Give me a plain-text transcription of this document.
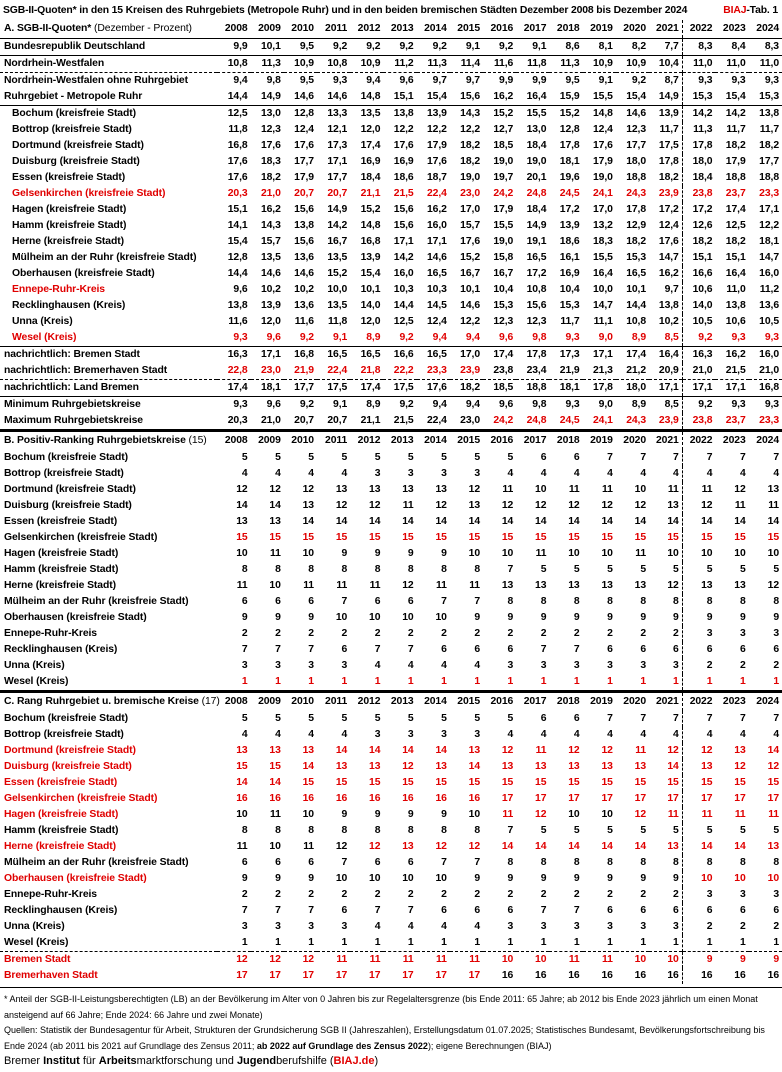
SGB-II-Quoten* in den 15 Kreisen des Ruhrgebiets (Metropole Ruhr) und in den beiden bremischen Städten Dezember 2008 bis Dezember 2024	BIAJ-Tab. 1
A. SGB-II-Quoten* (Dezember - Prozent)	2008	2009	2010	2011	2012	2013	2014	2015	2016	2017	2018	2019	2020	2021	2022	2023	2024
Bundesrepublik Deutschland	9,9	10,1	9,5	9,2	9,2	9,2	9,2	9,1	9,2	9,1	8,6	8,1	8,2	7,7	8,3	8,4	8,3
Nordrhein-Westfalen	10,8	11,3	10,9	10,8	10,9	11,2	11,3	11,4	11,6	11,8	11,3	10,9	10,9	10,4	11,0	11,0	11,0
Nordrhein-Westfalen ohne Ruhrgebiet	9,4	9,8	9,5	9,3	9,4	9,6	9,7	9,7	9,9	9,9	9,5	9,1	9,2	8,7	9,3	9,3	9,3
Ruhrgebiet - Metropole Ruhr	14,4	14,9	14,6	14,6	14,8	15,1	15,4	15,6	16,2	16,4	15,9	15,5	15,4	14,9	15,3	15,4	15,3
Bochum (kreisfreie Stadt)	12,5	13,0	12,8	13,3	13,5	13,8	13,9	14,3	15,2	15,5	15,2	14,8	14,6	13,9	14,2	14,2	13,8
Bottrop (kreisfreie Stadt)	11,8	12,3	12,4	12,1	12,0	12,2	12,2	12,2	12,7	13,0	12,8	12,4	12,3	11,7	11,3	11,7	11,7
Dortmund (kreisfreie Stadt)	16,8	17,6	17,6	17,3	17,4	17,6	17,9	18,2	18,5	18,4	17,8	17,6	17,7	17,5	17,8	18,2	18,2
Duisburg (kreisfreie Stadt)	17,6	18,3	17,7	17,1	16,9	16,9	17,6	18,2	19,0	19,0	18,1	17,9	18,0	17,8	18,0	17,9	17,7
Essen (kreisfreie Stadt)	17,6	18,2	17,9	17,7	18,4	18,6	18,7	19,0	19,7	20,1	19,6	19,0	18,8	18,2	18,4	18,8	18,8
Gelsenkirchen (kreisfreie Stadt)	20,3	21,0	20,7	20,7	21,1	21,5	22,4	23,0	24,2	24,8	24,5	24,1	24,3	23,9	23,8	23,7	23,3
Hagen (kreisfreie Stadt)	15,1	16,2	15,6	14,9	15,2	15,6	16,2	17,0	17,9	18,4	17,2	17,0	17,8	17,2	17,2	17,4	17,1
Hamm (kreisfreie Stadt)	14,1	14,3	13,8	14,2	14,8	15,6	16,0	15,7	15,5	14,9	13,9	13,2	12,9	12,4	12,6	12,5	12,2
Herne (kreisfreie Stadt)	15,4	15,7	15,6	16,7	16,8	17,1	17,1	17,6	19,0	19,1	18,6	18,3	18,2	17,6	18,2	18,2	18,1
Mülheim an der Ruhr (kreisfreie Stadt)	12,8	13,5	13,6	13,5	13,9	14,2	14,6	15,2	15,8	16,5	16,1	15,5	15,3	14,7	15,1	15,1	14,7
Oberhausen (kreisfreie Stadt)	14,4	14,6	14,6	15,2	15,4	16,0	16,5	16,7	16,7	17,2	16,9	16,4	16,5	16,2	16,6	16,4	16,0
Ennepe-Ruhr-Kreis	9,6	10,2	10,2	10,0	10,1	10,3	10,3	10,1	10,4	10,8	10,4	10,0	10,1	9,7	10,6	11,0	11,2
Recklinghausen (Kreis)	13,8	13,9	13,6	13,5	14,0	14,4	14,5	14,6	15,3	15,6	15,3	14,7	14,4	13,8	14,0	13,8	13,6
Unna (Kreis)	11,6	12,0	11,6	11,8	12,0	12,5	12,4	12,2	12,3	12,3	11,7	11,1	10,8	10,2	10,5	10,6	10,5
Wesel (Kreis)	9,3	9,6	9,2	9,1	8,9	9,2	9,4	9,4	9,6	9,8	9,3	9,0	8,9	8,5	9,2	9,3	9,3
nachrichtlich: Bremen Stadt	16,3	17,1	16,8	16,5	16,5	16,6	16,5	17,0	17,4	17,8	17,3	17,1	17,4	16,4	16,3	16,2	16,0
nachrichtlich: Bremerhaven Stadt	22,8	23,0	21,9	22,4	21,8	22,2	23,3	23,9	23,8	23,4	21,9	21,3	21,2	20,9	21,0	21,5	21,0
nachrichtlich: Land Bremen	17,4	18,1	17,7	17,5	17,4	17,5	17,6	18,2	18,5	18,8	18,1	17,8	18,0	17,1	17,1	17,1	16,8
Minimum Ruhrgebietskreise	9,3	9,6	9,2	9,1	8,9	9,2	9,4	9,4	9,6	9,8	9,3	9,0	8,9	8,5	9,2	9,3	9,3
Maximum Ruhrgebietskreise	20,3	21,0	20,7	20,7	21,1	21,5	22,4	23,0	24,2	24,8	24,5	24,1	24,3	23,9	23,8	23,7	23,3
B. Positiv-Ranking Ruhrgebietskreise (15)	2008	2009	2010	2011	2012	2013	2014	2015	2016	2017	2018	2019	2020	2021	2022	2023	2024
Bochum (kreisfreie Stadt)	5	5	5	5	5	5	5	5	5	6	6	7	7	7	7	7	7
Bottrop (kreisfreie Stadt)	4	4	4	4	3	3	3	3	4	4	4	4	4	4	4	4	4
Dortmund (kreisfreie Stadt)	12	12	12	13	13	13	13	12	11	10	11	11	10	11	11	12	13
Duisburg (kreisfreie Stadt)	14	14	13	12	12	11	12	13	12	12	12	12	12	13	12	11	11
Essen (kreisfreie Stadt)	13	13	14	14	14	14	14	14	14	14	14	14	14	14	14	14	14
Gelsenkirchen (kreisfreie Stadt)	15	15	15	15	15	15	15	15	15	15	15	15	15	15	15	15	15
Hagen (kreisfreie Stadt)	10	11	10	9	9	9	9	10	10	11	10	10	11	10	10	10	10
Hamm (kreisfreie Stadt)	8	8	8	8	8	8	8	8	7	5	5	5	5	5	5	5	5
Herne (kreisfreie Stadt)	11	10	11	11	11	12	11	11	13	13	13	13	13	12	13	13	12
Mülheim an der Ruhr (kreisfreie Stadt)	6	6	6	7	6	6	7	7	8	8	8	8	8	8	8	8	8
Oberhausen (kreisfreie Stadt)	9	9	9	10	10	10	10	9	9	9	9	9	9	9	9	9	9
Ennepe-Ruhr-Kreis	2	2	2	2	2	2	2	2	2	2	2	2	2	2	3	3	3
Recklinghausen (Kreis)	7	7	7	6	7	7	6	6	6	7	7	6	6	6	6	6	6
Unna (Kreis)	3	3	3	3	4	4	4	4	3	3	3	3	3	3	2	2	2
Wesel (Kreis)	1	1	1	1	1	1	1	1	1	1	1	1	1	1	1	1	1
C. Rang Ruhrgebiet u. bremische Kreise (17)	2008	2009	2010	2011	2012	2013	2014	2015	2016	2017	2018	2019	2020	2021	2022	2023	2024
Bochum (kreisfreie Stadt)	5	5	5	5	5	5	5	5	5	6	6	7	7	7	7	7	7
Bottrop (kreisfreie Stadt)	4	4	4	4	3	3	3	3	4	4	4	4	4	4	4	4	4
Dortmund (kreisfreie Stadt)	13	13	13	14	14	14	14	13	12	11	12	12	11	12	12	13	14
Duisburg (kreisfreie Stadt)	15	15	14	13	13	12	13	14	13	13	13	13	13	14	13	12	12
Essen (kreisfreie Stadt)	14	14	15	15	15	15	15	15	15	15	15	15	15	15	15	15	15
Gelsenkirchen (kreisfreie Stadt)	16	16	16	16	16	16	16	16	17	17	17	17	17	17	17	17	17
Hagen (kreisfreie Stadt)	10	11	10	9	9	9	9	10	11	12	10	10	12	11	11	11	11
Hamm (kreisfreie Stadt)	8	8	8	8	8	8	8	8	7	5	5	5	5	5	5	5	5
Herne (kreisfreie Stadt)	11	10	11	12	12	13	12	12	14	14	14	14	14	13	14	14	13
Mülheim an der Ruhr (kreisfreie Stadt)	6	6	6	7	6	6	7	7	8	8	8	8	8	8	8	8	8
Oberhausen (kreisfreie Stadt)	9	9	9	10	10	10	10	9	9	9	9	9	9	9	10	10	10
Ennepe-Ruhr-Kreis	2	2	2	2	2	2	2	2	2	2	2	2	2	2	3	3	3
Recklinghausen (Kreis)	7	7	7	6	7	7	6	6	6	7	7	6	6	6	6	6	6
Unna (Kreis)	3	3	3	3	4	4	4	4	3	3	3	3	3	3	2	2	2
Wesel (Kreis)	1	1	1	1	1	1	1	1	1	1	1	1	1	1	1	1	1
Bremen Stadt	12	12	12	11	11	11	11	11	10	10	11	11	10	10	9	9	9
Bremerhaven Stadt	17	17	17	17	17	17	17	17	16	16	16	16	16	16	16	16	16
* Anteil der SGB-II-Leistungsberechtigten (LB) an der Bevölkerung im Alter von 0 Jahren bis zur Regelaltersgrenze (bis Ende 2011: 65 Jahre; ab 2012 bis Ende 2023 jährlich um einen Monat ansteigend auf 66 Jahre; Ende 2024: 66 Jahre und zwei Monate)
Quellen: Statistik der Bundesagentur für Arbeit, Strukturen der Grundsicherung SGB II (Jahreszahlen), Erstellungsdatum 01.07.2025; Statistisches Bundesamt, Bevölkerungsfortschreibung bis Ende 2024 (ab 2011 bis 2021 auf Grundlage des Zensus 2011; ab 2022 auf Grundlage des Zensus 2022); eigene Berechnungen (BIAJ)
Bremer Institut für Arbeitsmarktforschung und Jugendberufshilfe (BIAJ.de)
